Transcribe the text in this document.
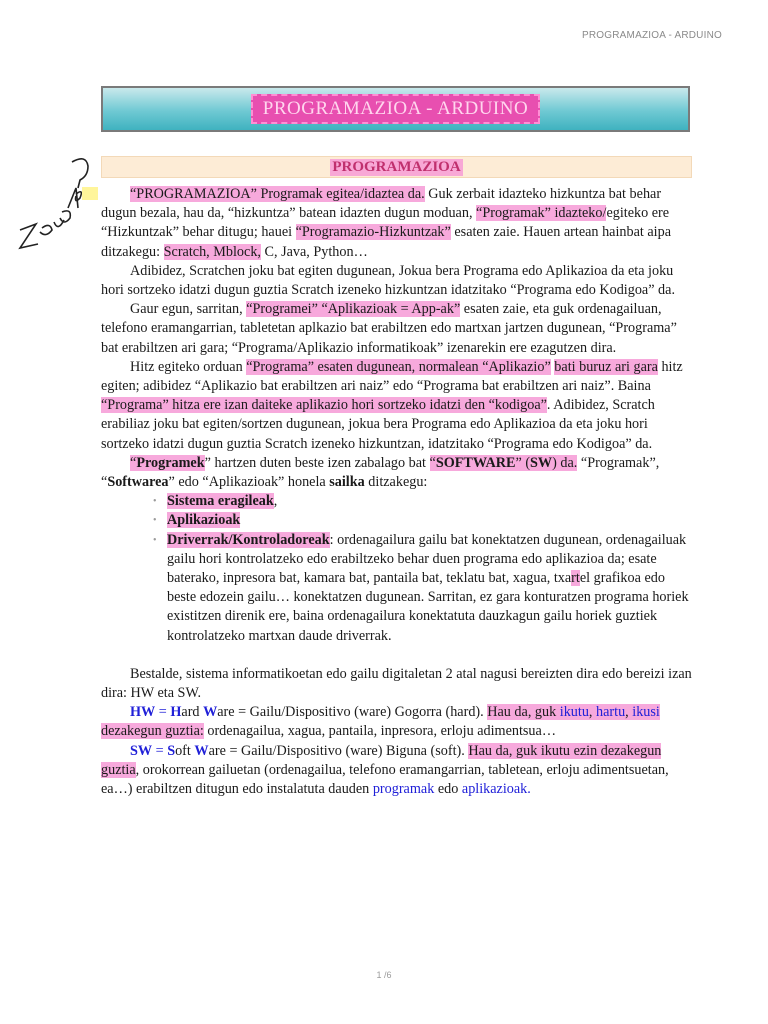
PROGRAMAZIOA - ARDUINO
PROGRAMAZIOA - ARDUINO
PROGRAMAZIOA

“PROGRAMAZIOA” Programak egitea/idaztea da. Guk zerbait idazteko hizkuntza bat behar dugun bezala, hau da, “hizkuntza” batean idazten dugun moduan, “Programak” idazteko/egiteko ere “Hizkuntzak” behar ditugu; hauei “Programazio-Hizkuntzak” esaten zaie. Hauen artean hainbat aipa ditzakegu: Scratch, Mblock, C, Java, Python…

Adibidez, Scratchen joku bat egiten dugunean, Jokua bera Programa edo Aplikazioa da eta joku hori sortzeko idatzi dugun guztia Scratch izeneko hizkuntzan idatzitako “Programa edo Kodigoa” da.

Gaur egun, sarritan, “Programei” “Aplikazioak = App-ak” esaten zaie, eta guk ordenagailuan, telefono eramangarrian, tabletetan aplkazio bat erabiltzen edo martxan jartzen dugunean, “Programa” bat erabiltzen ari gara; “Programa/Aplikazio informatikoak” izenarekin ere ezagutzen dira.

Hitz egiteko orduan “Programa” esaten dugunean, normalean “Aplikazio” bati buruz ari gara hitz egiten; adibidez “Aplikazio bat erabiltzen ari naiz” edo “Programa bat erabiltzen ari naiz”. Baina “Programa” hitza ere izan daiteke aplikazio hori sortzeko idatzi den “kodigoa”. Adibidez, Scratch erabiliaz joku bat egiten/sortzen dugunean, jokua bera Programa edo Aplikazioa da eta joku hori sortzeko idatzi dugun guztia Scratch izeneko hizkuntzan, idatzitako “Programa edo Kodigoa” da.

“Programek” hartzen duten beste izen zabalago bat “SOFTWARE” (SW) da. “Programak”, “Softwarea” edo “Aplikazioak” honela sailka ditzakegu:

• Sistema eragileak,
• Aplikazioak
• Driverrak/Kontroladoreak: ordenagailura gailu bat konektatzen dugunean, ordenagailuak gailu hori kontrolatzeko edo erabiltzeko behar duen programa edo aplikazioa da; esate baterako, inpresora bat, kamara bat, pantaila bat, teklatu bat, xagua, txartel grafikoa edo beste edozein gailu… konektatzen dugunean. Sarritan, ez gara konturatzen programa horiek existitzen direnik ere, baina ordenagailura konektatuta dauzkagun gailu horiek guztiek kontrolatzeko martxan daude driverrak.

Bestalde, sistema informatikoetan edo gailu digitaletan 2 atal nagusi bereizten dira edo bereizi izan dira: HW eta SW.

HW = Hard Ware = Gailu/Dispositivo (ware) Gogorra (hard). Hau da, guk ikutu, hartu, ikusi dezakegun guztia: ordenagailua, xagua, pantaila, inpresora, erloju adimentsua…

SW = Soft Ware = Gailu/Dispositivo (ware) Biguna (soft). Hau da, guk ikutu ezin dezakegun guztia, orokorrean gailuetan (ordenagailua, telefono eramangarrian, tabletean, erloju adimentsuetan, ea…) erabiltzen ditugun edo instalatuta dauden programak edo aplikazioak.

1 /6
